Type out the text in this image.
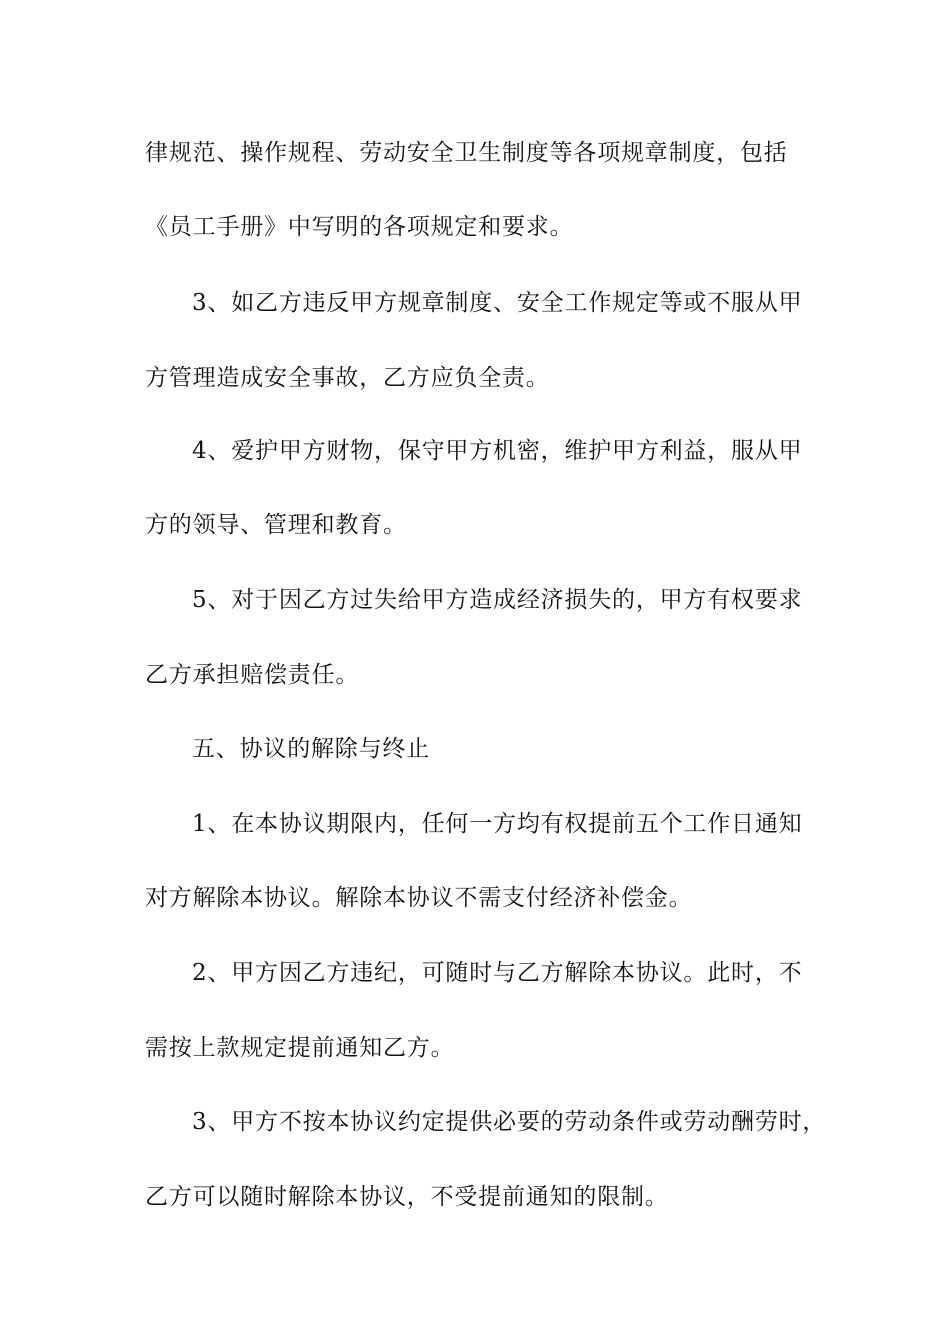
律规范、操作规程、劳动安全卫生制度等各项规章制度，包括
《员工手册》中写明的各项规定和要求。
3、如乙方违反甲方规章制度、安全工作规定等或不服从甲
方管理造成安全事故，乙方应负全责。
4、爱护甲方财物，保守甲方机密，维护甲方利益，服从甲
方的领导、管理和教育。
5、对于因乙方过失给甲方造成经济损失的，甲方有权要求
乙方承担赔偿责任。
五、协议的解除与终止
1、在本协议期限内，任何一方均有权提前五个工作日通知
对方解除本协议。解除本协议不需支付经济补偿金。
2、甲方因乙方违纪，可随时与乙方解除本协议。此时，不
需按上款规定提前通知乙方。
3、甲方不按本协议约定提供必要的劳动条件或劳动酬劳时，
乙方可以随时解除本协议，不受提前通知的限制。
